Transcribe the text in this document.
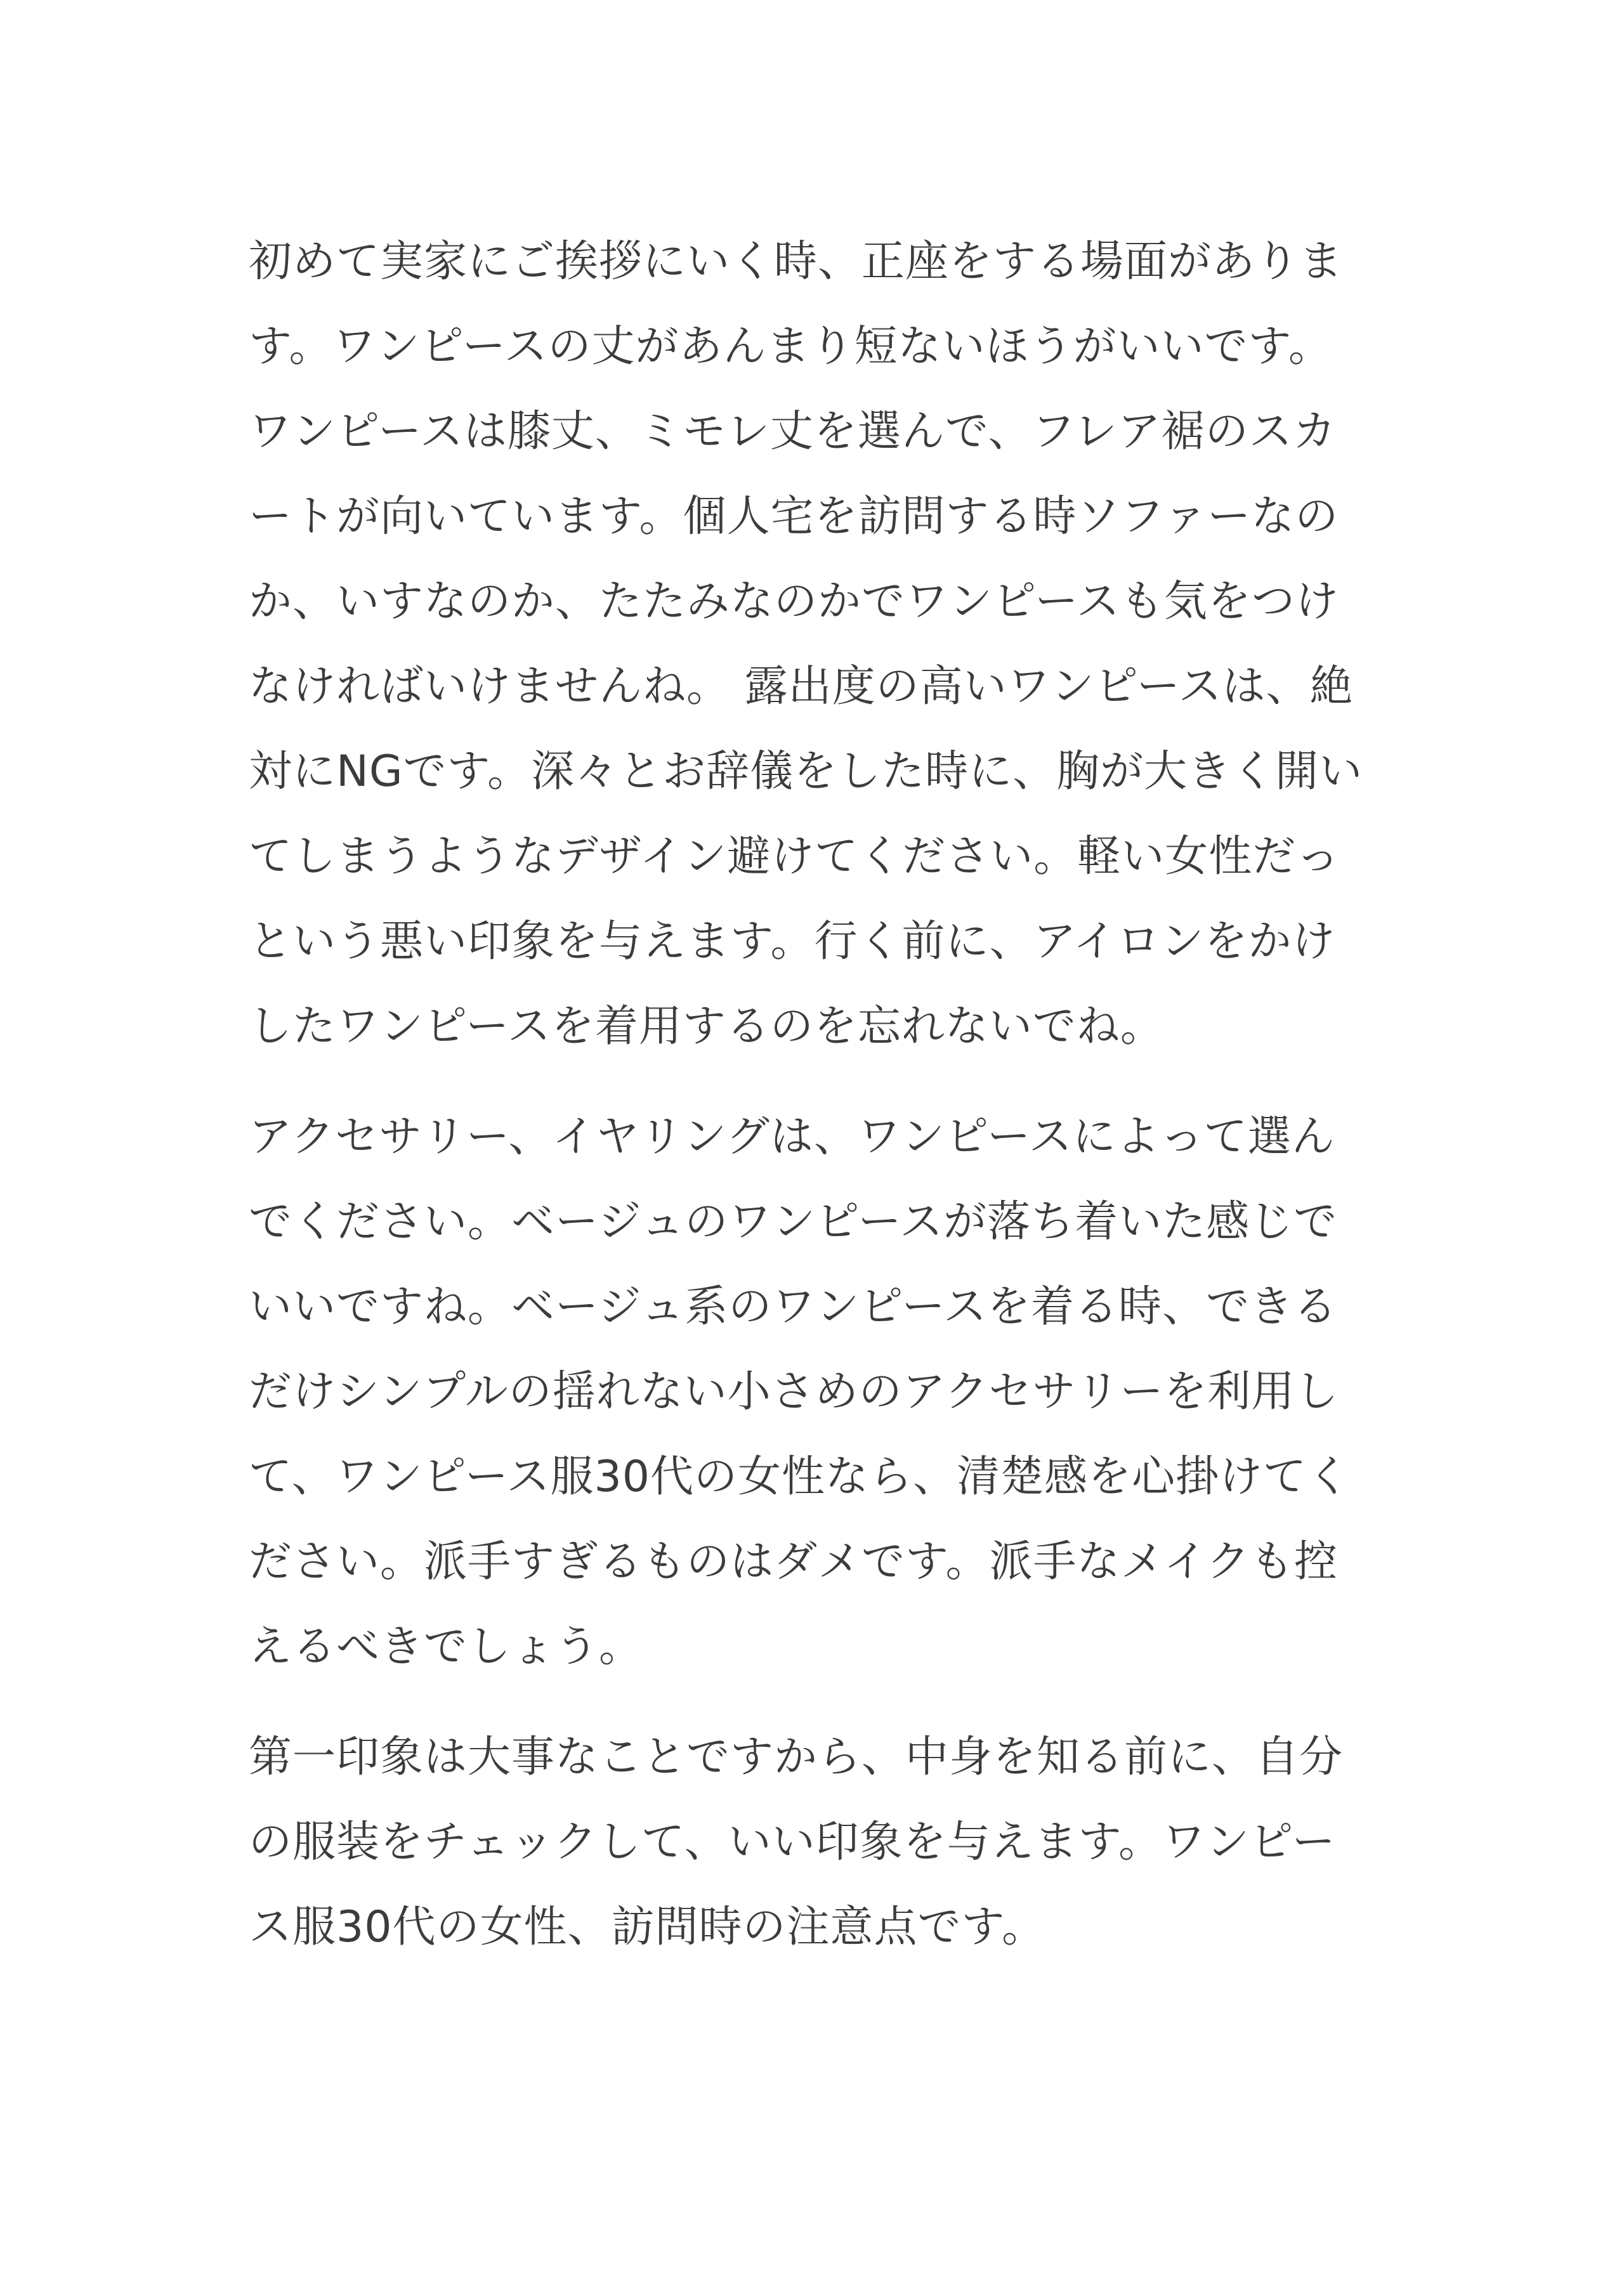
初めて実家にご挨拶にいく時、正座をする場面がありま
す。ワンピースの丈があんまり短ないほうがいいです。
ワンピースは膝丈、ミモレ丈を選んで、フレア裾のスカ
ートが向いています。個人宅を訪問する時ソファーなの
か、いすなのか、たたみなのかでワンピースも気をつけ
なければいけませんね。 露出度の高いワンピースは、絶
対にNGです。深々とお辞儀をした時に、胸が大きく開い
てしまうようなデザイン避けてください。軽い女性だっ
という悪い印象を与えます。行く前に、アイロンをかけ
したワンピースを着用するのを忘れないでね。

アクセサリー、イヤリングは、ワンピースによって選ん
でください。ベージュのワンピースが落ち着いた感じで
いいですね。ベージュ系のワンピースを着る時、できる
だけシンプルの揺れない小さめのアクセサリーを利用し
て、ワンピース服30代の女性なら、清楚感を心掛けてく
ださい。派手すぎるものはダメです。派手なメイクも控
えるべきでしょう。

第一印象は大事なことですから、中身を知る前に、自分
の服装をチェックして、いい印象を与えます。ワンピー
ス服30代の女性、訪問時の注意点です。
